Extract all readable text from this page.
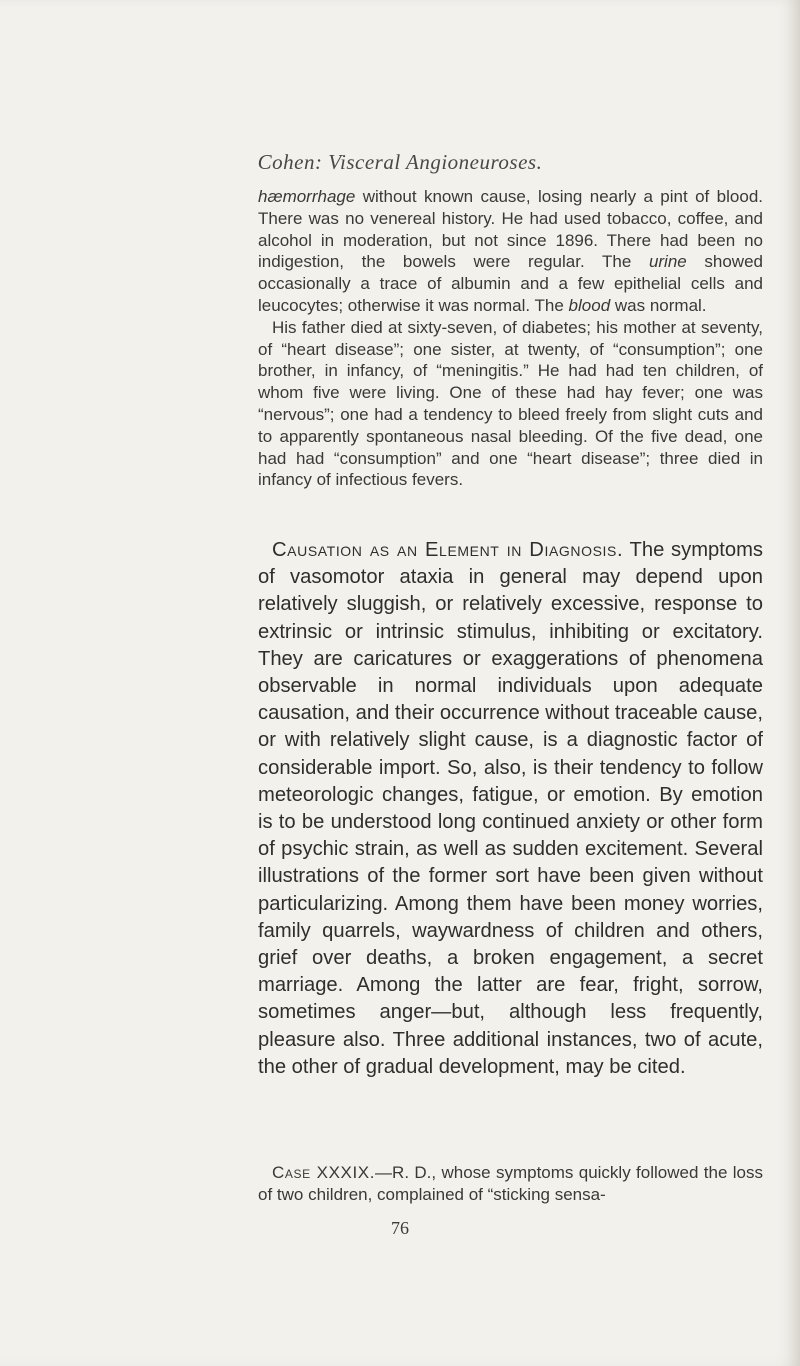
Cohen: Visceral Angioneuroses.

hæmorrhage without known cause, losing nearly a pint of blood. There was no venereal history. He had used tobacco, coffee, and alcohol in moderation, but not since 1896. There had been no indigestion, the bowels were regular. The urine showed occasionally a trace of albumin and a few epithelial cells and leucocytes; otherwise it was normal. The blood was normal.

His father died at sixty-seven, of diabetes; his mother at seventy, of “heart disease”; one sister, at twenty, of “consumption”; one brother, in infancy, of “meningitis.” He had had ten children, of whom five were living. One of these had hay fever; one was “nervous”; one had a tendency to bleed freely from slight cuts and to apparently spontaneous nasal bleeding. Of the five dead, one had had “consumption” and one “heart disease”; three died in infancy of infectious fevers.

Causation as an Element in Diagnosis. The symptoms of vasomotor ataxia in general may depend upon relatively sluggish, or relatively excessive, response to extrinsic or intrinsic stimulus, inhibiting or excitatory. They are caricatures or exaggerations of phenomena observable in normal individuals upon adequate causation, and their occurrence without traceable cause, or with relatively slight cause, is a diagnostic factor of considerable import. So, also, is their tendency to follow meteorologic changes, fatigue, or emotion. By emotion is to be understood long continued anxiety or other form of psychic strain, as well as sudden excitement. Several illustrations of the former sort have been given without particularizing. Among them have been money worries, family quarrels, waywardness of children and others, grief over deaths, a broken engagement, a secret marriage. Among the latter are fear, fright, sorrow, sometimes anger—but, although less frequently, pleasure also. Three additional instances, two of acute, the other of gradual development, may be cited.

Case XXXIX.—R. D., whose symptoms quickly followed the loss of two children, complained of “sticking sensa-

76
